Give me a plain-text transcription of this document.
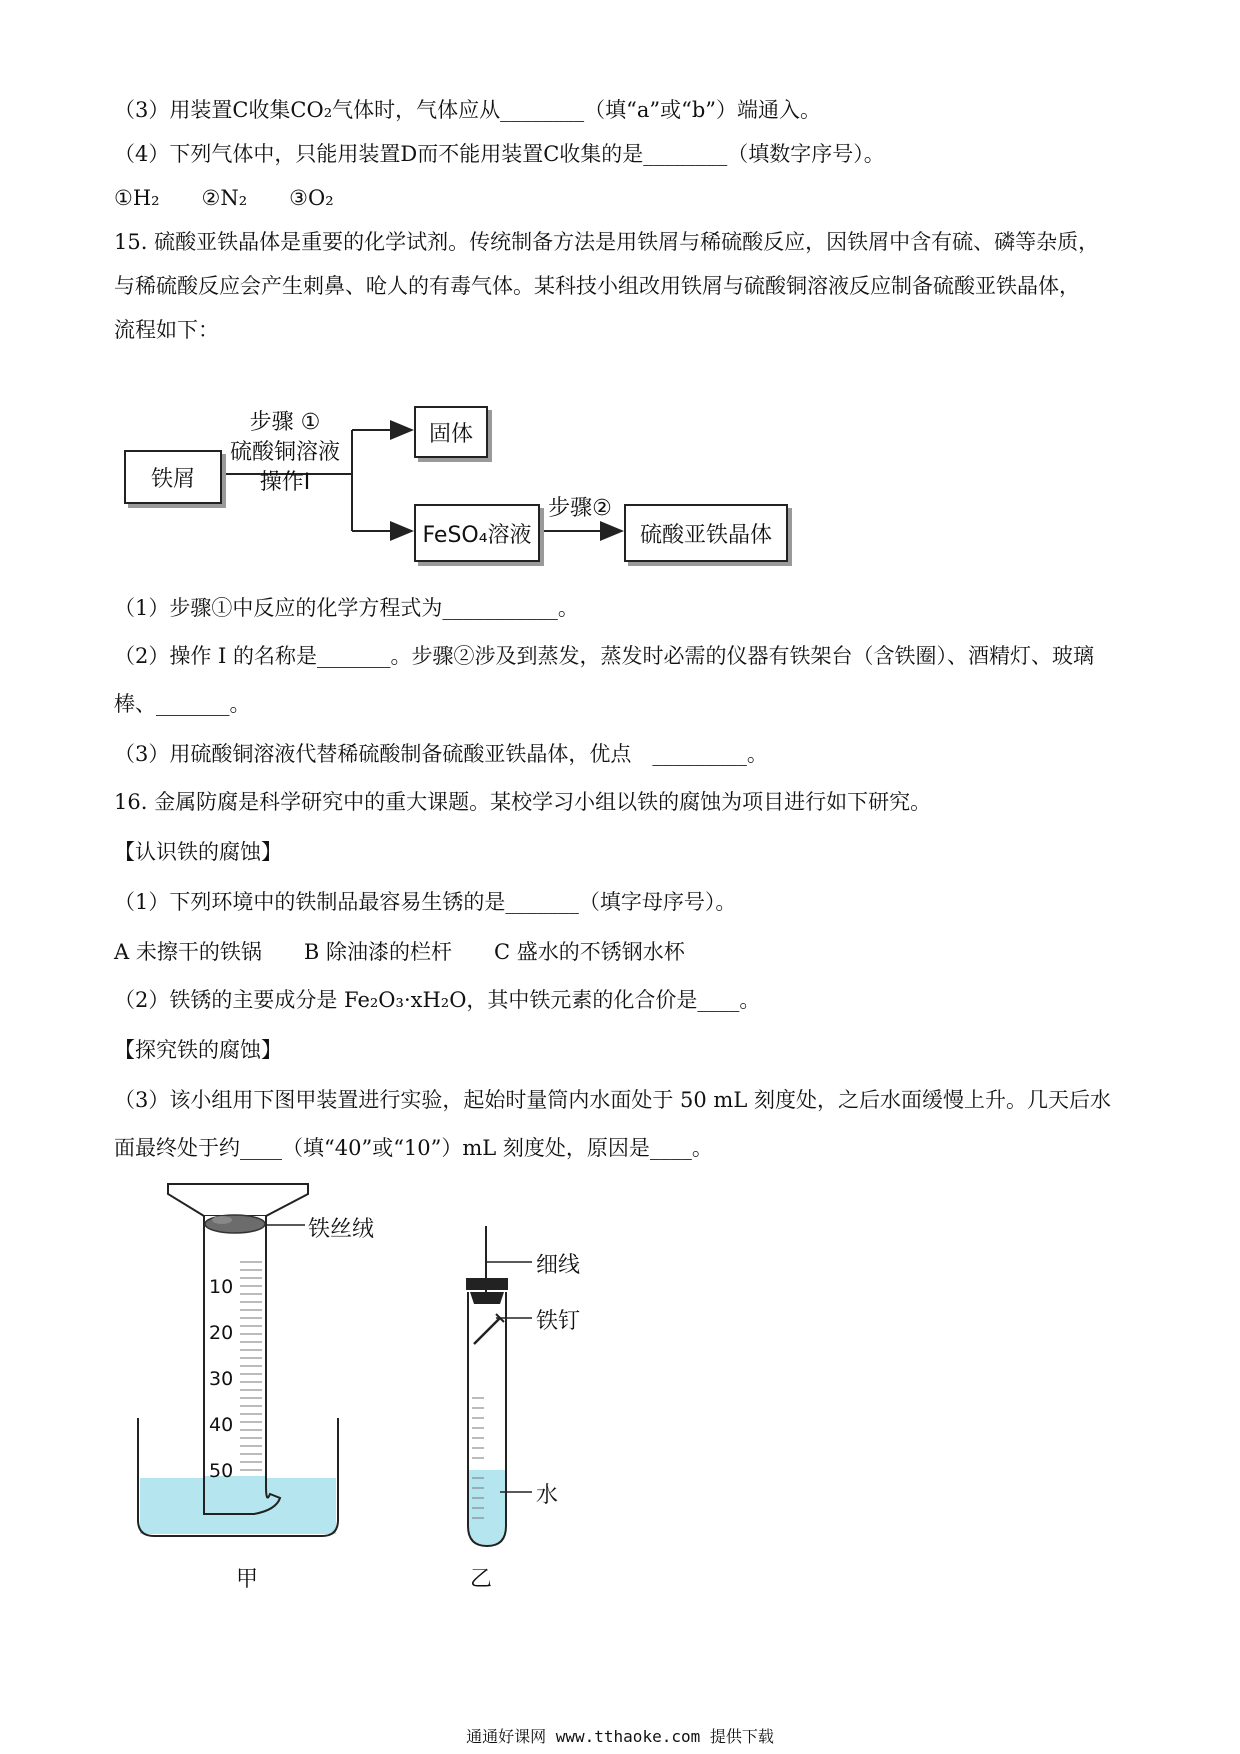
（3）用装置C收集CO₂气体时，气体应从________（填“a”或“b”）端通入。
（4）下列气体中，只能用装置D而不能用装置C收集的是________（填数字序号）。
①H₂　　②N₂　　③O₂
15. 硫酸亚铁晶体是重要的化学试剂。传统制备方法是用铁屑与稀硫酸反应，因铁屑中含有硫、磷等杂质，
与稀硫酸反应会产生刺鼻、呛人的有毒气体。某科技小组改用铁屑与硫酸铜溶液反应制备硫酸亚铁晶体，
流程如下：
铁屑
步骤 ①
硫酸铜溶液
操作I
固体
FeSO₄溶液
步骤②
硫酸亚铁晶体
（1）步骤①中反应的化学方程式为___________。
（2）操作 I 的名称是_______。步骤②涉及到蒸发，蒸发时必需的仪器有铁架台（含铁圈）、酒精灯、玻璃
棒、_______。
（3）用硫酸铜溶液代替稀硫酸制备硫酸亚铁晶体，优点　_________。
16. 金属防腐是科学研究中的重大课题。某校学习小组以铁的腐蚀为项目进行如下研究。
【认识铁的腐蚀】
（1）下列环境中的铁制品最容易生锈的是_______（填字母序号）。
A 未擦干的铁锅　　B 除油漆的栏杆　　C 盛水的不锈钢水杯
（2）铁锈的主要成分是 Fe₂O₃·xH₂O，其中铁元素的化合价是____。
【探究铁的腐蚀】
（3）该小组用下图甲装置进行实验，起始时量筒内水面处于 50 mL 刻度处，之后水面缓慢上升。几天后水
面最终处于约____（填“40”或“10”）mL 刻度处，原因是____。
铁丝绒
10
20
30
40
50
甲
细线
铁钉
水
乙
通通好课网 www.tthaoke.com 提供下载
